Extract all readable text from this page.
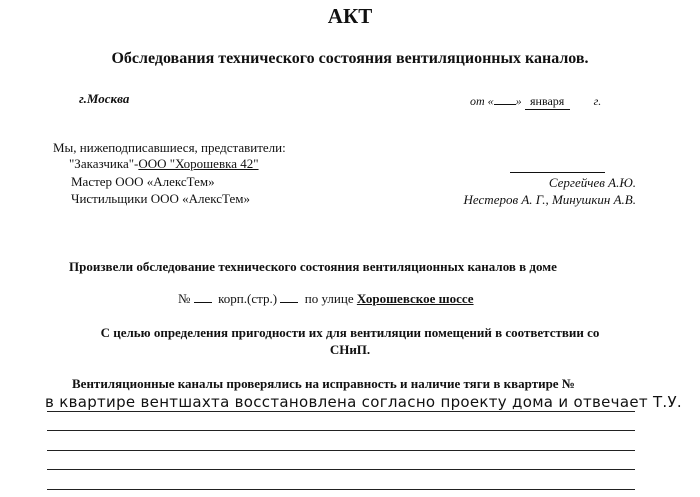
АКТ
Обследования технического состояния вентиляционных каналов.
г.Москва	от « » января г.
Мы, нижеподписавшиеся, представители:
"Заказчика"-ООО "Хорошевка 42"
Мастер ООО «АлексТем»
Чистильщики ООО «АлексТем»
Сергейчев А.Ю.
Нестеров А. Г., Минушкин А.В.
Произвели обследование технического состояния вентиляционных каналов в доме
№ корп.(стр.) по улице Хорошевское шоссе
С целью определения пригодности их для вентиляции помещений в соответствии со
СНиП.
Вентиляционные каналы проверялись на исправность и наличие тяги в квартире №
в квартире вентшахта восстановлена согласно проекту дома и отвечает Т.У.
